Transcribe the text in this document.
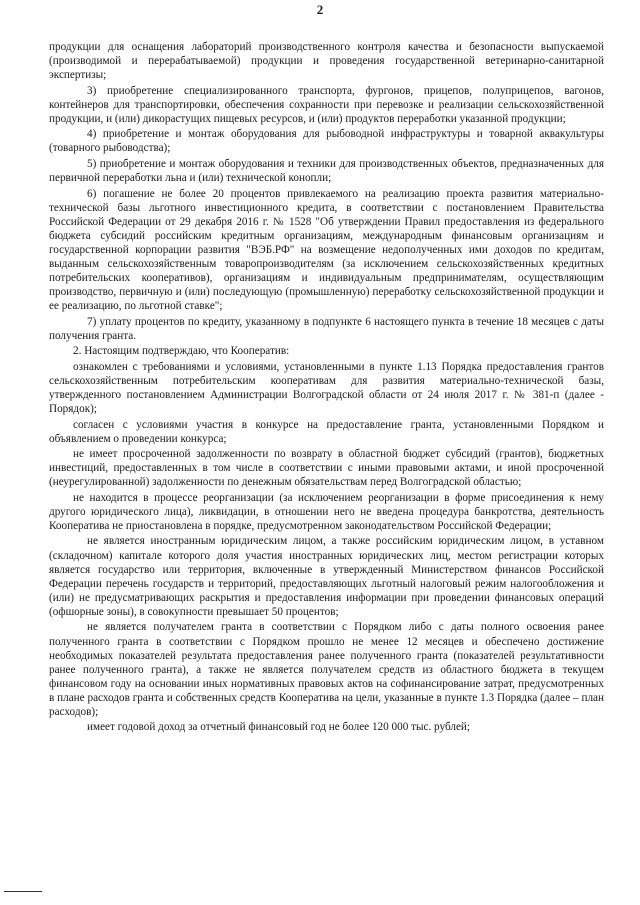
2

продукции для оснащения лабораторий производственного контроля качества и безопасности выпускаемой (производимой и перерабатываемой) продукции и проведения государственной ветеринарно-санитарной экспертизы;

3) приобретение специализированного транспорта, фургонов, прицепов, полуприцепов, вагонов, контейнеров для транспортировки, обеспечения сохранности при перевозке и реализации сельскохозяйственной продукции, и (или) дикорастущих пищевых ресурсов, и (или) продуктов переработки указанной продукции;

4) приобретение и монтаж оборудования для рыбоводной инфраструктуры и товарной аквакультуры (товарного рыбоводства);

5) приобретение и монтаж оборудования и техники для производственных объектов, предназначенных для первичной переработки льна и (или) технической конопли;

6) погашение не более 20 процентов привлекаемого на реализацию проекта развития материально-технической базы льготного инвестиционного кредита, в соответствии с постановлением Правительства Российской Федерации от 29 декабря 2016 г. № 1528 "Об утверждении Правил предоставления из федерального бюджета субсидий российским кредитным организациям, международным финансовым организациям и государственной корпорации развития "ВЭБ.РФ" на возмещение недополученных ими доходов по кредитам, выданным сельскохозяйственным товаропроизводителям (за исключением сельскохозяйственных кредитных потребительских кооперативов), организациям и индивидуальным предпринимателям, осуществляющим производство, первичную и (или) последующую (промышленную) переработку сельскохозяйственной продукции и ее реализацию, по льготной ставке";

7) уплату процентов по кредиту, указанному в подпункте 6 настоящего пункта в течение 18 месяцев с даты получения гранта.

2. Настоящим подтверждаю, что Кооператив:

ознакомлен с требованиями и условиями, установленными в пункте 1.13 Порядка предоставления грантов сельскохозяйственным потребительским кооперативам для развития материально-технической базы, утвержденного постановлением Администрации Волгоградской области от 24 июля 2017 г. № 381-п (далее - Порядок);

согласен с условиями участия в конкурсе на предоставление гранта, установленными Порядком и объявлением о проведении конкурса;

не имеет просроченной задолженности по возврату в областной бюджет субсидий (грантов), бюджетных инвестиций, предоставленных в том числе в соответствии с иными правовыми актами, и иной просроченной (неурегулированной) задолженности по денежным обязательствам перед Волгоградской областью;

не находится в процессе реорганизации (за исключением реорганизации в форме присоединения к нему другого юридического лица), ликвидации, в отношении него не введена процедура банкротства, деятельность Кооператива не приостановлена в порядке, предусмотренном законодательством Российской Федерации;

не является иностранным юридическим лицом, а также российским юридическим лицом, в уставном (складочном) капитале которого доля участия иностранных юридических лиц, местом регистрации которых является государство или территория, включенные в утвержденный Министерством финансов Российской Федерации перечень государств и территорий, предоставляющих льготный налоговый режим налогообложения и (или) не предусматривающих раскрытия и предоставления информации при проведении финансовых операций (офшорные зоны), в совокупности превышает 50 процентов;

не является получателем гранта в соответствии с Порядком либо с даты полного освоения ранее полученного гранта в соответствии с Порядком прошло не менее 12 месяцев и обеспечено достижение необходимых показателей результата предоставления ранее полученного гранта (показателей результативности ранее полученного гранта), а также не является получателем средств из областного бюджета в текущем финансовом году на основании иных нормативных правовых актов на софинансирование затрат, предусмотренных в плане расходов гранта и собственных средств Кооператива на цели, указанные в пункте 1.3 Порядка (далее – план расходов);

имеет годовой доход за отчетный финансовый год не более 120 000 тыс. рублей;
